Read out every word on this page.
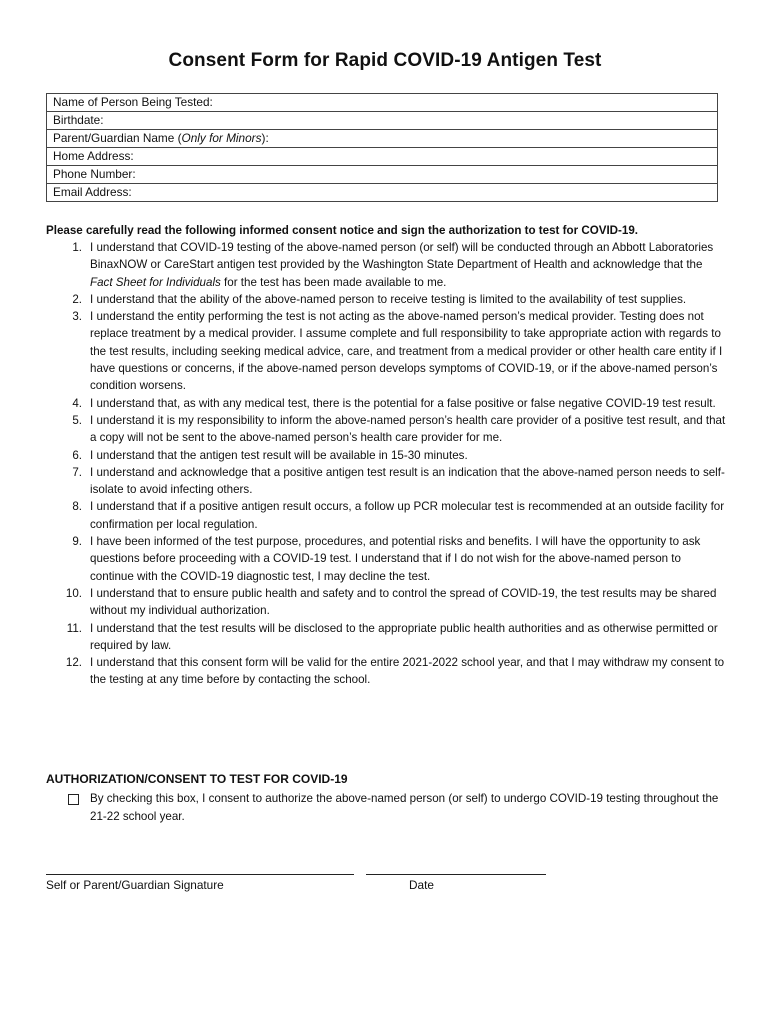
Consent Form for Rapid COVID-19 Antigen Test
Name of Person Being Tested:
Birthdate:
Parent/Guardian Name (Only for Minors):
Home Address:
Phone Number:
Email Address:
Please carefully read the following informed consent notice and sign the authorization to test for COVID-19.
1. I understand that COVID-19 testing of the above-named person (or self) will be conducted through an Abbott Laboratories BinaxNOW or CareStart antigen test provided by the Washington State Department of Health and acknowledge that the Fact Sheet for Individuals for the test has been made available to me.
2. I understand that the ability of the above-named person to receive testing is limited to the availability of test supplies.
3. I understand the entity performing the test is not acting as the above-named person’s medical provider. Testing does not replace treatment by a medical provider. I assume complete and full responsibility to take appropriate action with regards to the test results, including seeking medical advice, care, and treatment from a medical provider or other health care entity if I have questions or concerns, if the above-named person develops symptoms of COVID-19, or if the above-named person’s condition worsens.
4. I understand that, as with any medical test, there is the potential for a false positive or false negative COVID-19 test result.
5. I understand it is my responsibility to inform the above-named person’s health care provider of a positive test result, and that a copy will not be sent to the above-named person’s health care provider for me.
6. I understand that the antigen test result will be available in 15-30 minutes.
7. I understand and acknowledge that a positive antigen test result is an indication that the above-named person needs to self-isolate to avoid infecting others.
8. I understand that if a positive antigen result occurs, a follow up PCR molecular test is recommended at an outside facility for confirmation per local regulation.
9. I have been informed of the test purpose, procedures, and potential risks and benefits. I will have the opportunity to ask questions before proceeding with a COVID-19 test. I understand that if I do not wish for the above-named person to continue with the COVID-19 diagnostic test, I may decline the test.
10. I understand that to ensure public health and safety and to control the spread of COVID-19, the test results may be shared without my individual authorization.
11. I understand that the test results will be disclosed to the appropriate public health authorities and as otherwise permitted or required by law.
12. I understand that this consent form will be valid for the entire 2021-2022 school year, and that I may withdraw my consent to the testing at any time before by contacting the school.
AUTHORIZATION/CONSENT TO TEST FOR COVID-19
By checking this box, I consent to authorize the above-named person (or self) to undergo COVID-19 testing throughout the 21-22 school year.
Self or Parent/Guardian Signature	Date
